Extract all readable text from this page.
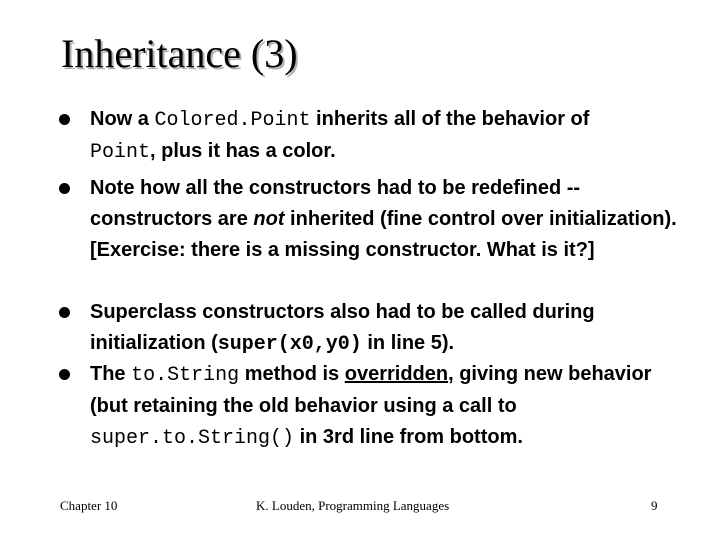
Inheritance (3)
Now a Colored.Point inherits all of the behavior of
Point, plus it has a color.
Note how all the constructors had to be redefined -- constructors are not inherited (fine control over initialization). [Exercise: there is a missing constructor. What is it?]
Superclass constructors also had to be called during initialization (super(x0,y0) in line 5).
The to.String method is overridden, giving new behavior (but retaining the old behavior using a call to super.to.String() in 3rd line from bottom.
Chapter 10	K. Louden, Programming Languages	9
